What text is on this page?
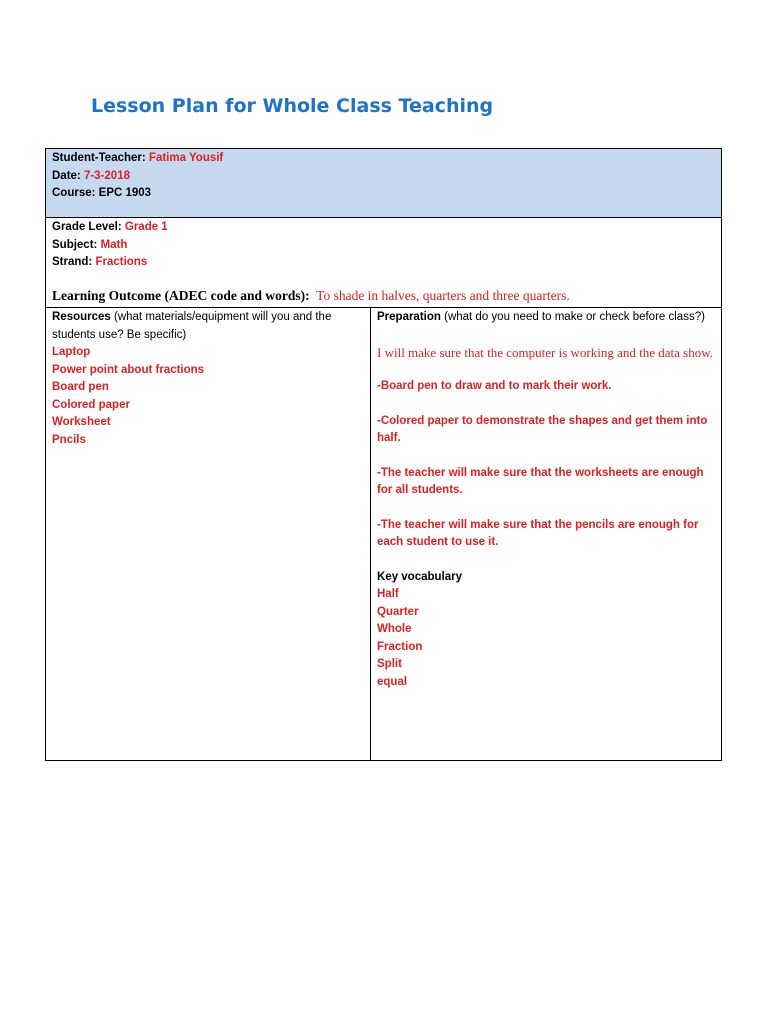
Lesson Plan for Whole Class Teaching
Student-Teacher: Fatima Yousif
Date: 7-3-2018
Course: EPC 1903
Grade Level: Grade 1
Subject: Math
Strand: Fractions
Learning Outcome (ADEC code and words): To shade in halves, quarters and three quarters.
Resources (what materials/equipment will you and the students use? Be specific)
Laptop
Power point about fractions
Board pen
Colored paper
Worksheet
Pncils
Preparation (what do you need to make or check before class?)
I will make sure that the computer is working and the data show.
-Board pen to draw and to mark their work.
-Colored paper to demonstrate the shapes and get them into half.
-The teacher will make sure that the worksheets are enough for all students.
-The teacher will make sure that the pencils are enough for each student to use it.
Key vocabulary
Half
Quarter
Whole
Fraction
Split
equal
